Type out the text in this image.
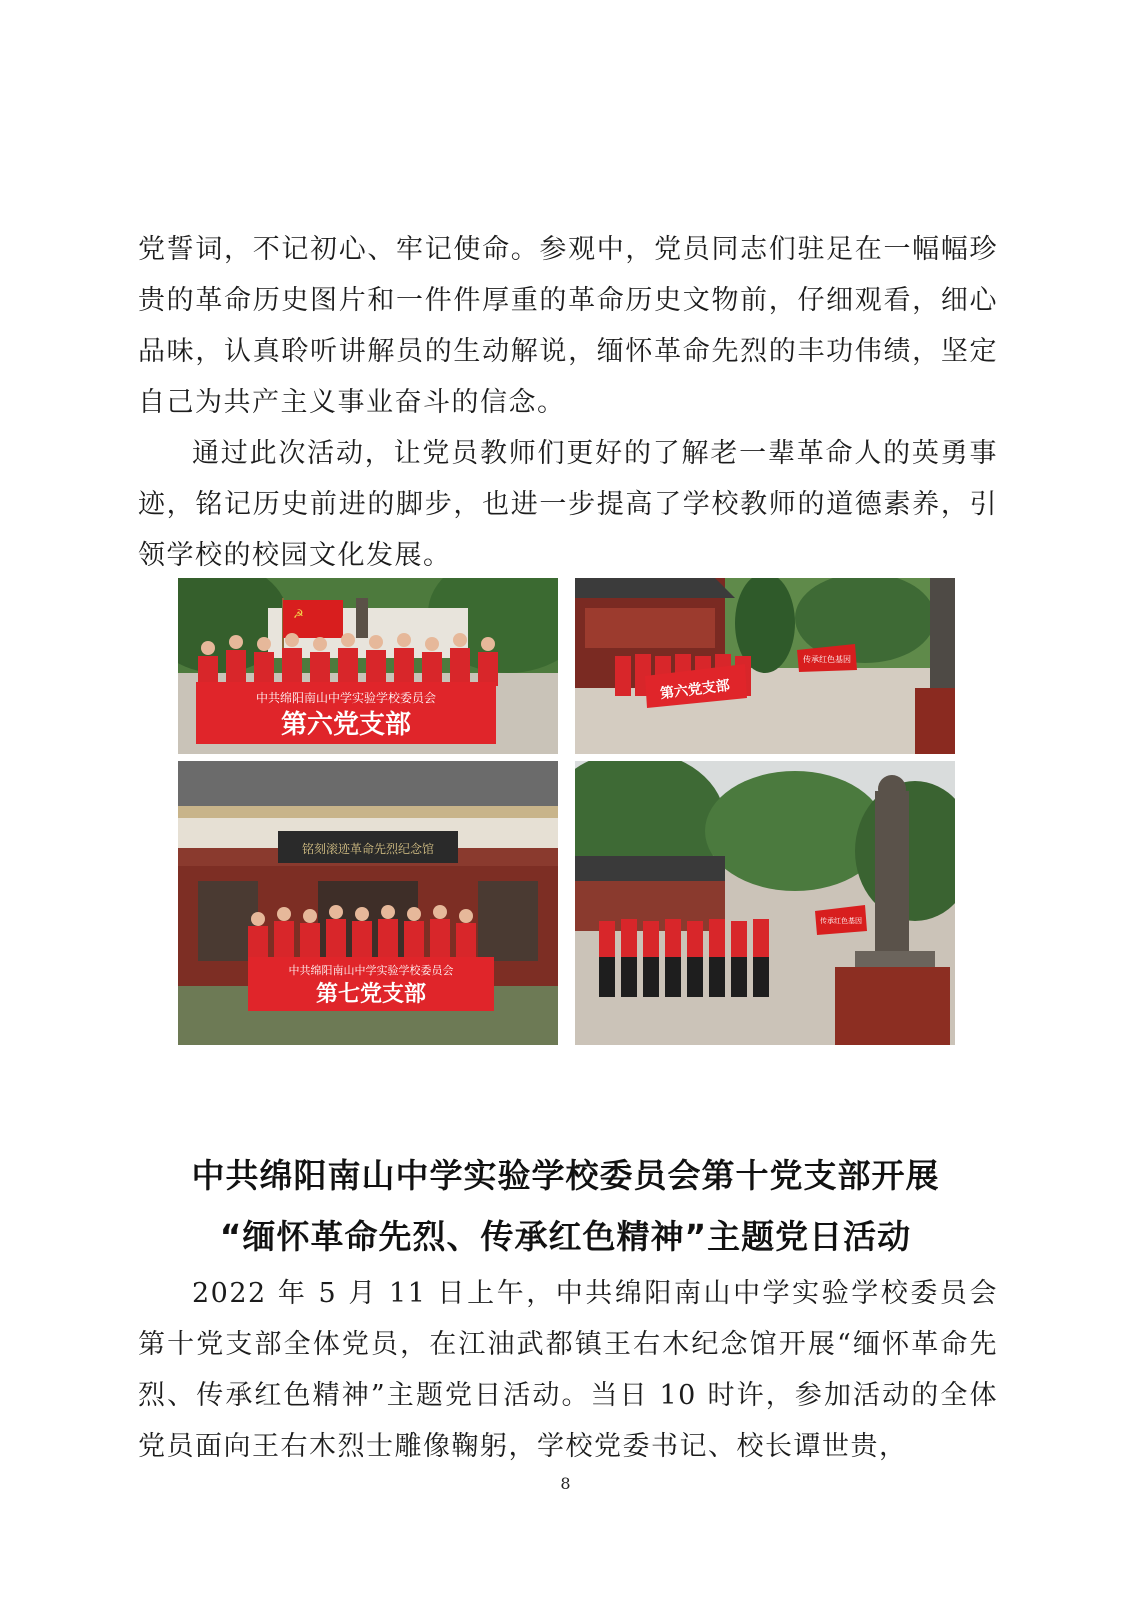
党誓词，不记初心、牢记使命。参观中，党员同志们驻足在一幅幅珍贵的革命历史图片和一件件厚重的革命历史文物前，仔细观看，细心品味，认真聆听讲解员的生动解说，缅怀革命先烈的丰功伟绩，坚定自己为共产主义事业奋斗的信念。

通过此次活动，让党员教师们更好的了解老一辈革命人的英勇事迹，铭记历史前进的脚步，也进一步提高了学校教师的道德素养，引领学校的校园文化发展。

☭
中共绵阳南山中学实验学校委员会
第六党支部
传承红色基因
第六党支部
铭刻滚迹革命先烈纪念馆
中共绵阳南山中学实验学校委员会
第七党支部
传承红色基因
中共绵阳南山中学实验学校委员会第十党支部开展
“缅怀革命先烈、传承红色精神”主题党日活动

2022 年 5 月 11 日上午，中共绵阳南山中学实验学校委员会第十党支部全体党员，在江油武都镇王右木纪念馆开展“缅怀革命先烈、传承红色精神”主题党日活动。当日 10 时许，参加活动的全体党员面向王右木烈士雕像鞠躬，学校党委书记、校长谭世贵，

8
